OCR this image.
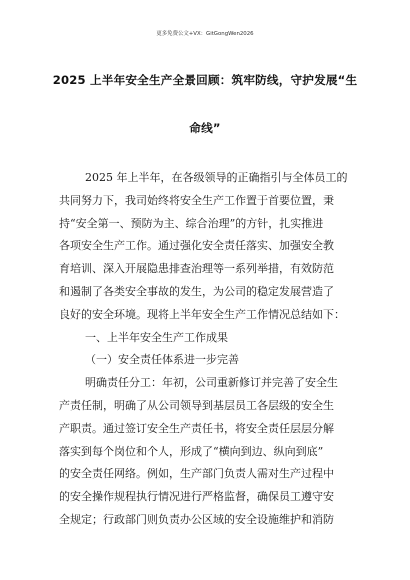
更多免费公文+VX：GitGongWen2026
2025 上半年安全生产全景回顾：筑牢防线，守护发展“生
命线”
2025 年上半年，在各级领导的正确指引与全体员工的
共同努力下，我司始终将安全生产工作置于首要位置，秉
持“安全第一、预防为主、综合治理”的方针，扎实推进
各项安全生产工作。通过强化安全责任落实、加强安全教
育培训、深入开展隐患排查治理等一系列举措，有效防范
和遏制了各类安全事故的发生，为公司的稳定发展营造了
良好的安全环境。现将上半年安全生产工作情况总结如下：
一、上半年安全生产工作成果
（一）安全责任体系进一步完善
明确责任分工：年初，公司重新修订并完善了安全生
产责任制，明确了从公司领导到基层员工各层级的安全生
产职责。通过签订安全生产责任书，将安全责任层层分解
落实到每个岗位和个人，形成了“横向到边、纵向到底”
的安全责任网络。例如，生产部门负责人需对生产过程中
的安全操作规程执行情况进行严格监督，确保员工遵守安
全规定；行政部门则负责办公区域的安全设施维护和消防
